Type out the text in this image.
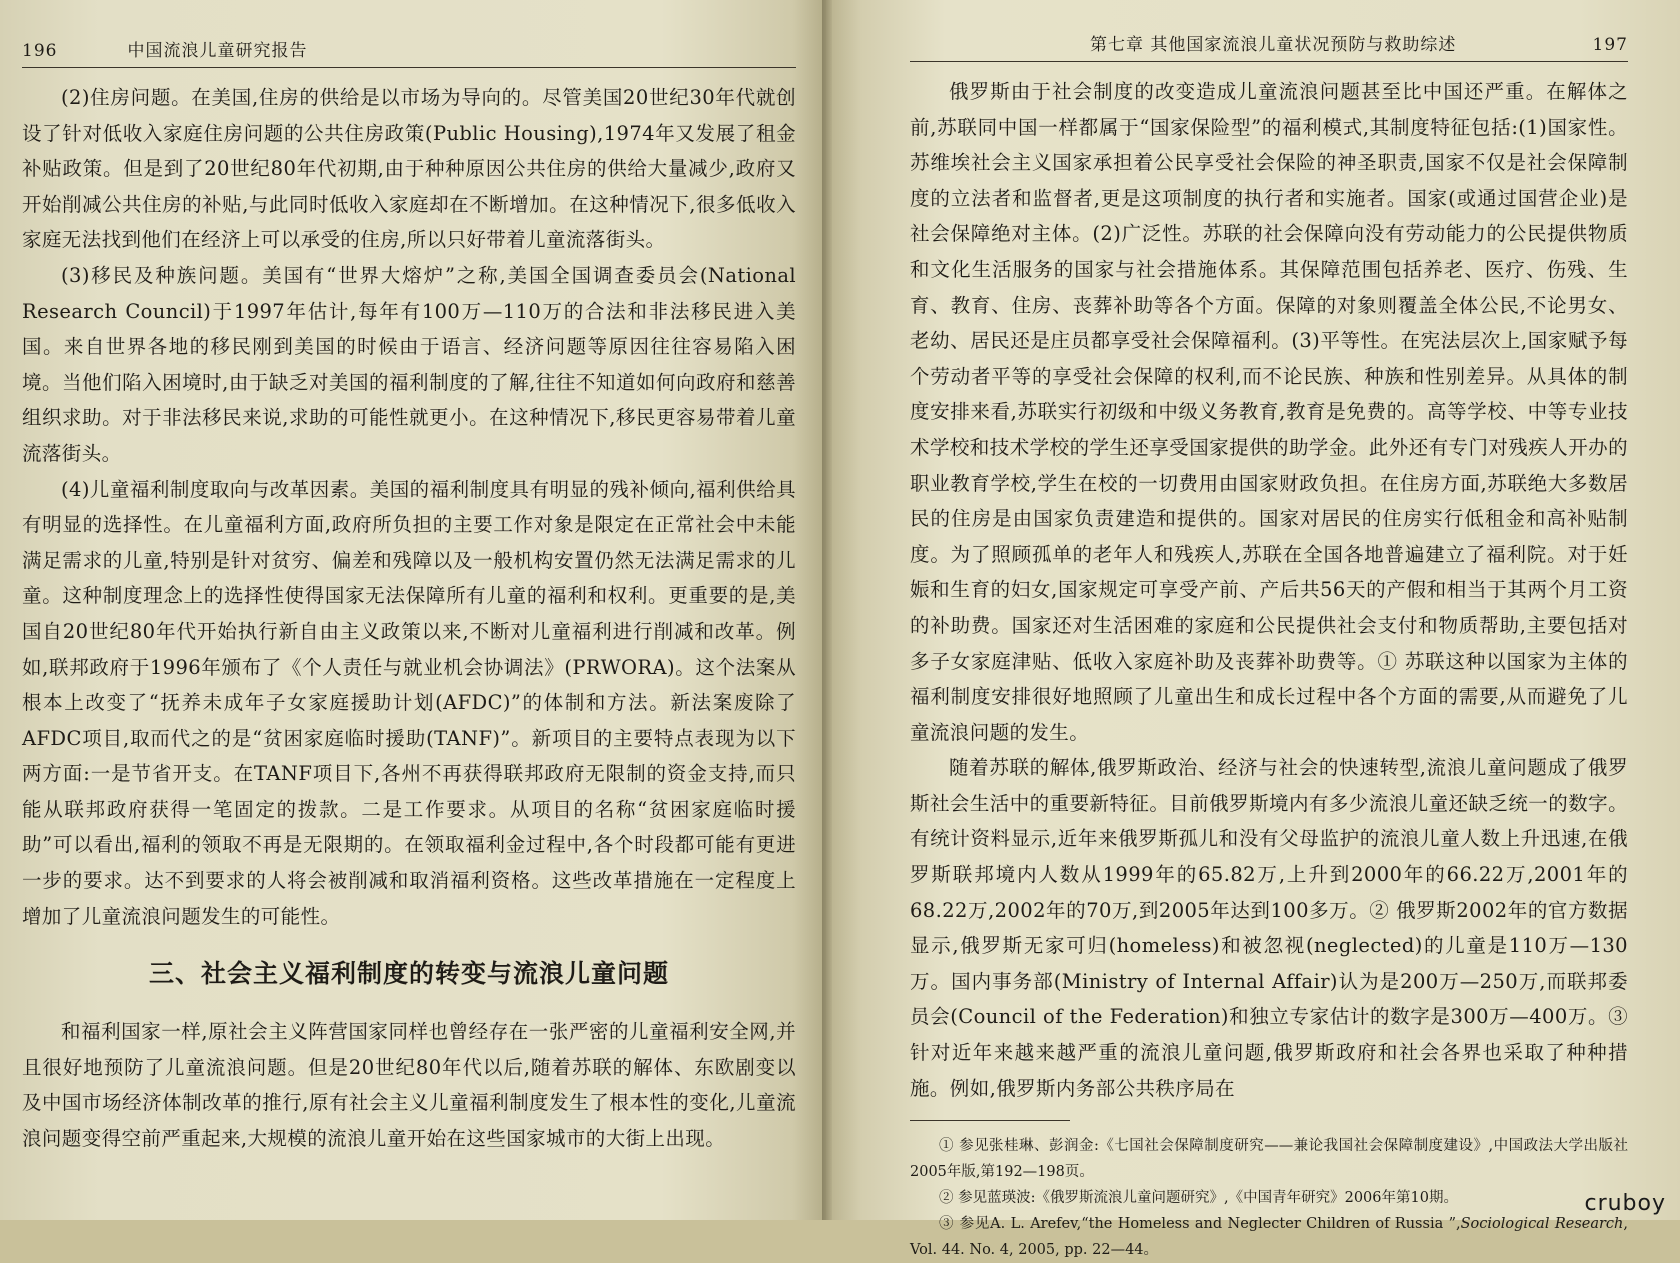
196	中国流浪儿童研究报告

(2)住房问题。在美国,住房的供给是以市场为导向的。尽管美国20世纪30年代就创设了针对低收入家庭住房问题的公共住房政策(Public Housing),1974年又发展了租金补贴政策。但是到了20世纪80年代初期,由于种种原因公共住房的供给大量减少,政府又开始削减公共住房的补贴,与此同时低收入家庭却在不断增加。在这种情况下,很多低收入家庭无法找到他们在经济上可以承受的住房,所以只好带着儿童流落街头。

(3)移民及种族问题。美国有“世界大熔炉”之称,美国全国调查委员会(National Research Council)于1997年估计,每年有100万—110万的合法和非法移民进入美国。来自世界各地的移民刚到美国的时候由于语言、经济问题等原因往往容易陷入困境。当他们陷入困境时,由于缺乏对美国的福利制度的了解,往往不知道如何向政府和慈善组织求助。对于非法移民来说,求助的可能性就更小。在这种情况下,移民更容易带着儿童流落街头。

(4)儿童福利制度取向与改革因素。美国的福利制度具有明显的残补倾向,福利供给具有明显的选择性。在儿童福利方面,政府所负担的主要工作对象是限定在正常社会中未能满足需求的儿童,特别是针对贫穷、偏差和残障以及一般机构安置仍然无法满足需求的儿童。这种制度理念上的选择性使得国家无法保障所有儿童的福利和权利。更重要的是,美国自20世纪80年代开始执行新自由主义政策以来,不断对儿童福利进行削减和改革。例如,联邦政府于1996年颁布了《个人责任与就业机会协调法》(PRWORA)。这个法案从根本上改变了“抚养未成年子女家庭援助计划(AFDC)”的体制和方法。新法案废除了AFDC项目,取而代之的是“贫困家庭临时援助(TANF)”。新项目的主要特点表现为以下两方面:一是节省开支。在TANF项目下,各州不再获得联邦政府无限制的资金支持,而只能从联邦政府获得一笔固定的拨款。二是工作要求。从项目的名称“贫困家庭临时援助”可以看出,福利的领取不再是无限期的。在领取福利金过程中,各个时段都可能有更进一步的要求。达不到要求的人将会被削减和取消福利资格。这些改革措施在一定程度上增加了儿童流浪问题发生的可能性。

三、社会主义福利制度的转变与流浪儿童问题

和福利国家一样,原社会主义阵营国家同样也曾经存在一张严密的儿童福利安全网,并且很好地预防了儿童流浪问题。但是20世纪80年代以后,随着苏联的解体、东欧剧变以及中国市场经济体制改革的推行,原有社会主义儿童福利制度发生了根本性的变化,儿童流浪问题变得空前严重起来,大规模的流浪儿童开始在这些国家城市的大街上出现。

第七章 其他国家流浪儿童状况预防与救助综述	197

俄罗斯由于社会制度的改变造成儿童流浪问题甚至比中国还严重。在解体之前,苏联同中国一样都属于“国家保险型”的福利模式,其制度特征包括:(1)国家性。苏维埃社会主义国家承担着公民享受社会保险的神圣职责,国家不仅是社会保障制度的立法者和监督者,更是这项制度的执行者和实施者。国家(或通过国营企业)是社会保障绝对主体。(2)广泛性。苏联的社会保障向没有劳动能力的公民提供物质和文化生活服务的国家与社会措施体系。其保障范围包括养老、医疗、伤残、生育、教育、住房、丧葬补助等各个方面。保障的对象则覆盖全体公民,不论男女、老幼、居民还是庄员都享受社会保障福利。(3)平等性。在宪法层次上,国家赋予每个劳动者平等的享受社会保障的权利,而不论民族、种族和性别差异。从具体的制度安排来看,苏联实行初级和中级义务教育,教育是免费的。高等学校、中等专业技术学校和技术学校的学生还享受国家提供的助学金。此外还有专门对残疾人开办的职业教育学校,学生在校的一切费用由国家财政负担。在住房方面,苏联绝大多数居民的住房是由国家负责建造和提供的。国家对居民的住房实行低租金和高补贴制度。为了照顾孤单的老年人和残疾人,苏联在全国各地普遍建立了福利院。对于妊娠和生育的妇女,国家规定可享受产前、产后共56天的产假和相当于其两个月工资的补助费。国家还对生活困难的家庭和公民提供社会支付和物质帮助,主要包括对多子女家庭津贴、低收入家庭补助及丧葬补助费等。① 苏联这种以国家为主体的福利制度安排很好地照顾了儿童出生和成长过程中各个方面的需要,从而避免了儿童流浪问题的发生。

随着苏联的解体,俄罗斯政治、经济与社会的快速转型,流浪儿童问题成了俄罗斯社会生活中的重要新特征。目前俄罗斯境内有多少流浪儿童还缺乏统一的数字。有统计资料显示,近年来俄罗斯孤儿和没有父母监护的流浪儿童人数上升迅速,在俄罗斯联邦境内人数从1999年的65.82万,上升到2000年的66.22万,2001年的68.22万,2002年的70万,到2005年达到100多万。② 俄罗斯2002年的官方数据显示,俄罗斯无家可归(homeless)和被忽视(neglected)的儿童是110万—130万。国内事务部(Ministry of Internal Affair)认为是200万—250万,而联邦委员会(Council of the Federation)和独立专家估计的数字是300万—400万。③ 针对近年来越来越严重的流浪儿童问题,俄罗斯政府和社会各界也采取了种种措施。例如,俄罗斯内务部公共秩序局在

① 参见张桂琳、彭润金:《七国社会保障制度研究——兼论我国社会保障制度建设》,中国政法大学出版社2005年版,第192—198页。

② 参见蓝瑛波:《俄罗斯流浪儿童问题研究》,《中国青年研究》2006年第10期。

③ 参见A. L. Arefev,“the Homeless and Neglecter Children of Russia ”,Sociological Research, Vol. 44. No. 4, 2005, pp. 22—44。

cruboy
